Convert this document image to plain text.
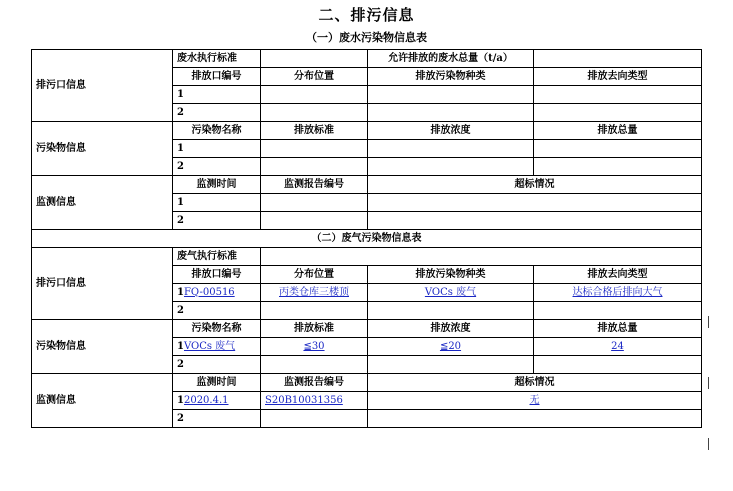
二、排污信息
（一）废水污染物信息表
排污口信息	废水执行标准		允许排放的废水总量（t/a）	
	排放口编号	分布位置	排放污染物种类	排放去向类型
	1			
	2			
污染物信息	污染物名称	排放标准	排放浓度	排放总量
	1			
	2			
监测信息	监测时间	监测报告编号	超标情况	
	1			
	2			
（二）废气污染物信息表				
排污口信息	废气执行标准			
	排放口编号	分布位置	排放污染物种类	排放去向类型
	1FQ-00516	丙类仓库三楼顶	VOCs 废气	达标合格后排向大气
	2			
污染物信息	污染物名称	排放标准	排放浓度	排放总量
	1VOCs 废气	≦30	≦20	24
	2			
监测信息	监测时间	监测报告编号	超标情况	
	12020.4.1	S20B10031356	无	
	2			
